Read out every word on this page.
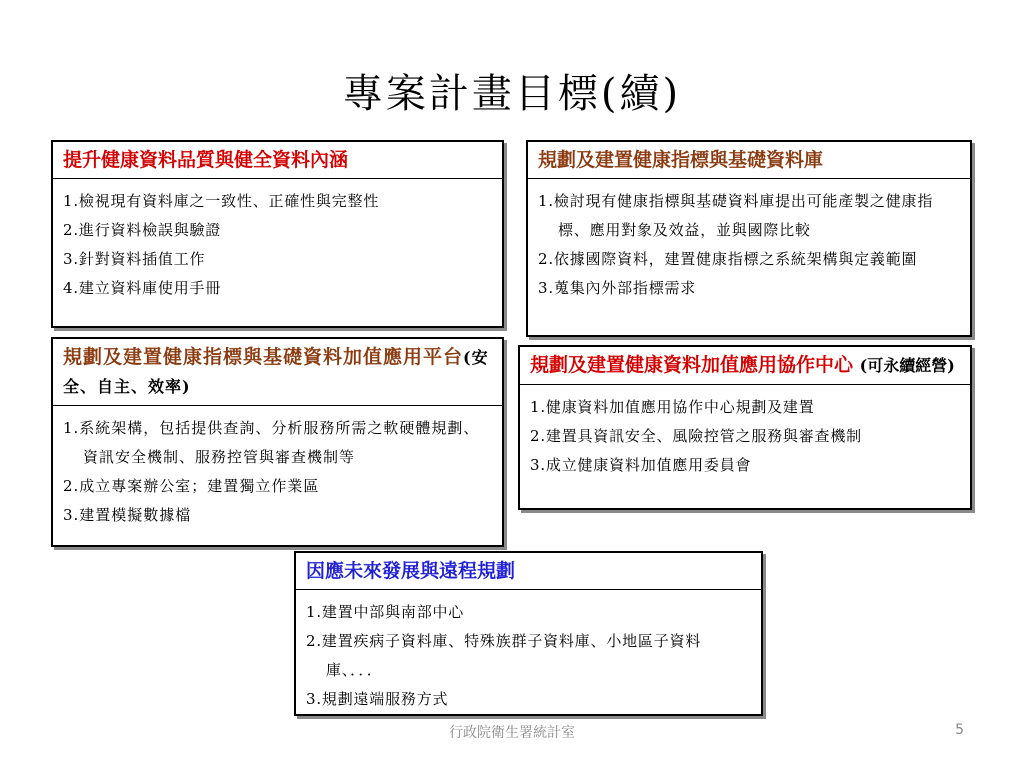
專案計畫目標(續)
提升健康資料品質與健全資料內涵
1.檢視現有資料庫之一致性、正確性與完整性
2.進行資料檢誤與驗證
3.針對資料插值工作
4.建立資料庫使用手冊
規劃及建置健康指標與基礎資料庫
1.檢討現有健康指標與基礎資料庫提出可能產製之健康指標、應用對象及效益，並與國際比較
2.依據國際資料，建置健康指標之系統架構與定義範圍
3.蒐集內外部指標需求
規劃及建置健康指標與基礎資料加值應用平台(安全、自主、效率)
1.系統架構，包括提供查詢、分析服務所需之軟硬體規劃、資訊安全機制、服務控管與審查機制等
2.成立專案辦公室；建置獨立作業區
3.建置模擬數據檔
規劃及建置健康資料加值應用協作中心 (可永續經營)
1.健康資料加值應用協作中心規劃及建置
2.建置具資訊安全、風險控管之服務與審查機制
3.成立健康資料加值應用委員會
因應未來發展與遠程規劃
1.建置中部與南部中心
2.建置疾病子資料庫、特殊族群子資料庫、小地區子資料庫、．．．
3.規劃遠端服務方式
行政院衛生署統計室	5
